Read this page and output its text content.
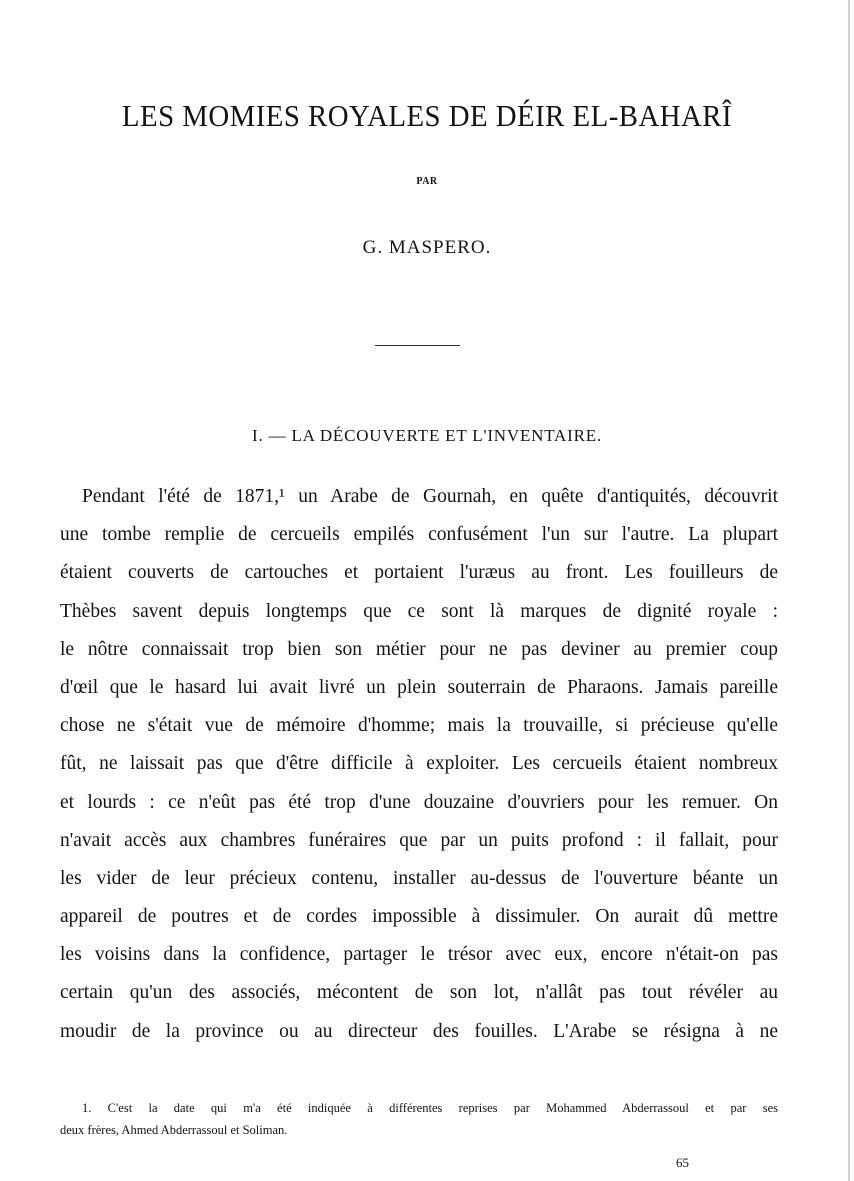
LES MOMIES ROYALES DE DÉIR EL-BAHARÎ
PAR
G. MASPERO.
I. — LA DÉCOUVERTE ET L'INVENTAIRE.
Pendant l'été de 1871,¹ un Arabe de Gournah, en quête d'antiquités, découvrit
une tombe remplie de cercueils empilés confusément l'un sur l'autre. La plupart
étaient couverts de cartouches et portaient l'uræus au front. Les fouilleurs de
Thèbes savent depuis longtemps que ce sont là marques de dignité royale :
le nôtre connaissait trop bien son métier pour ne pas deviner au premier coup
d'œil que le hasard lui avait livré un plein souterrain de Pharaons. Jamais pareille
chose ne s'était vue de mémoire d'homme; mais la trouvaille, si précieuse qu'elle
fût, ne laissait pas que d'être difficile à exploiter. Les cercueils étaient nombreux
et lourds : ce n'eût pas été trop d'une douzaine d'ouvriers pour les remuer. On
n'avait accès aux chambres funéraires que par un puits profond : il fallait, pour
les vider de leur précieux contenu, installer au-dessus de l'ouverture béante un
appareil de poutres et de cordes impossible à dissimuler. On aurait dû mettre
les voisins dans la confidence, partager le trésor avec eux, encore n'était-on pas
certain qu'un des associés, mécontent de son lot, n'allât pas tout révéler au
moudir de la province ou au directeur des fouilles. L'Arabe se résigna à ne
1. C'est la date qui m'a été indiquée à différentes reprises par Mohammed Abderrassoul et par ses
deux frères, Ahmed Abderrassoul et Soliman.
65
